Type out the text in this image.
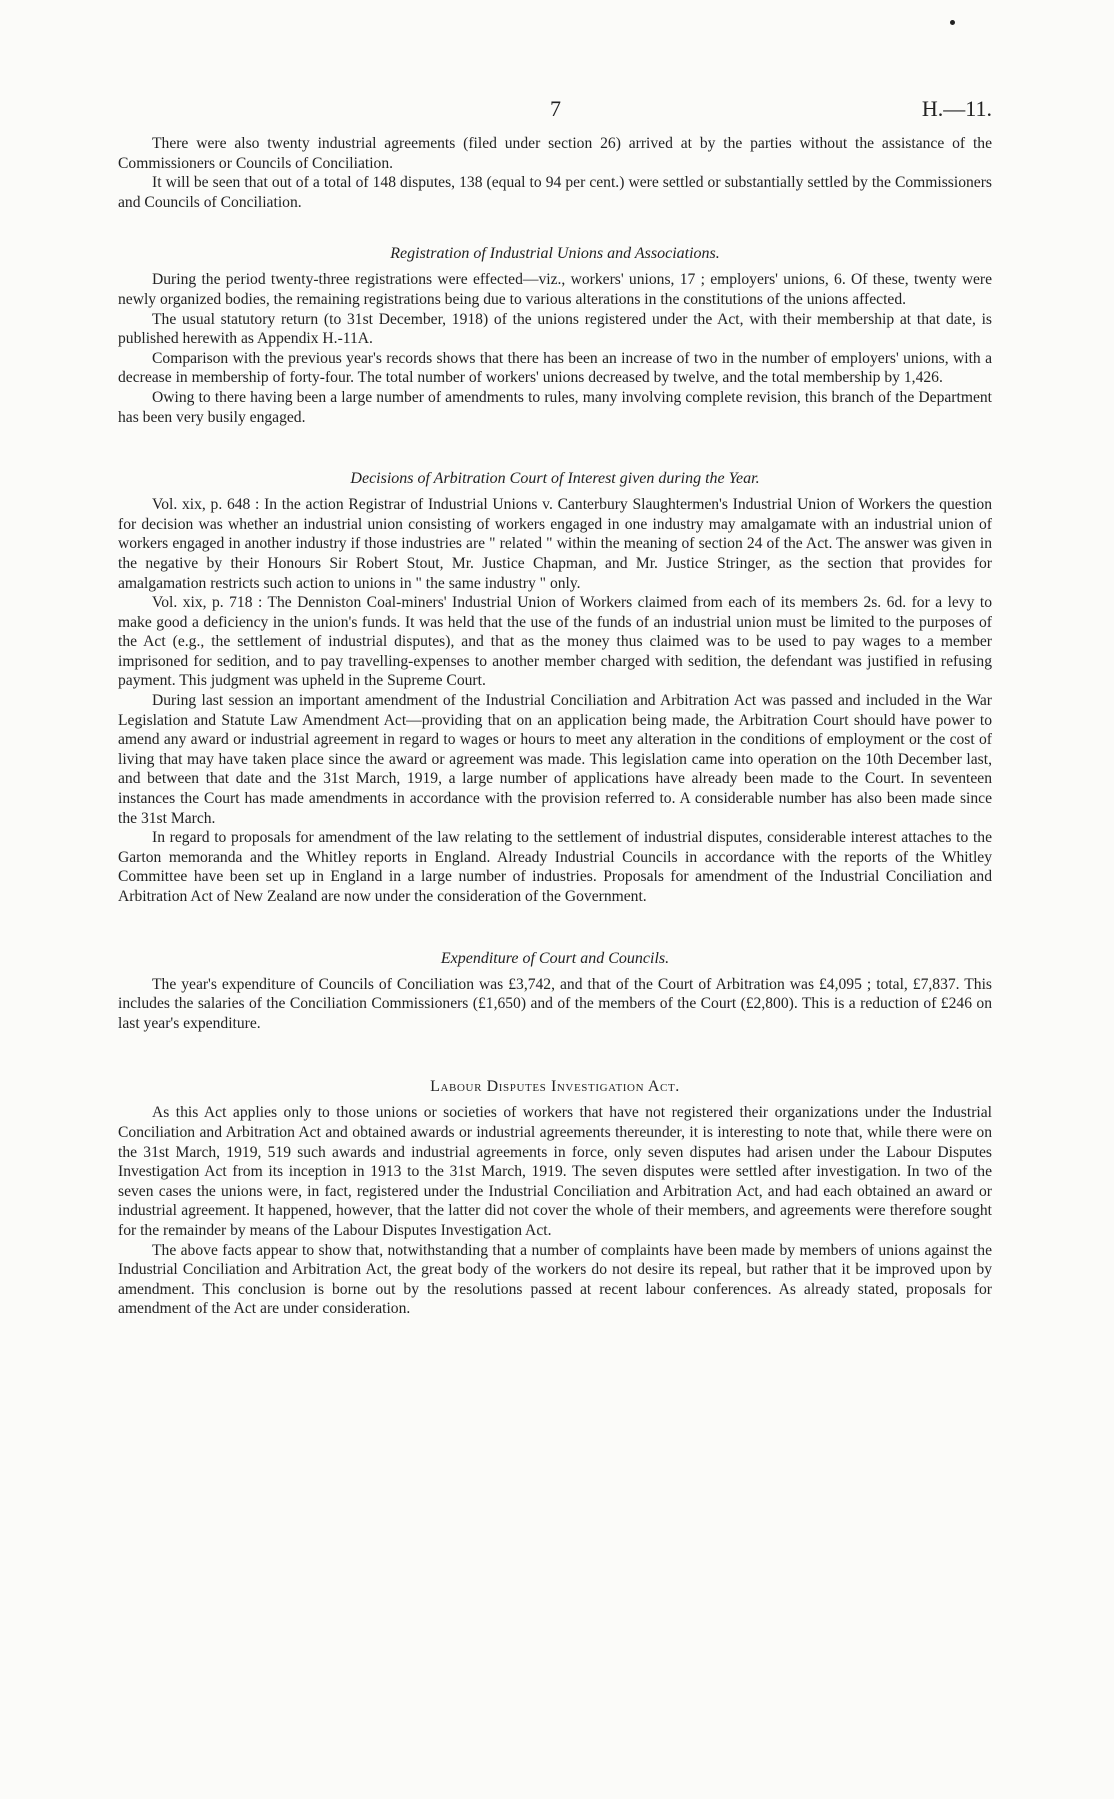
7	H.—11.

There were also twenty industrial agreements (filed under section 26) arrived at by the parties without the assistance of the Commissioners or Councils of Conciliation.

It will be seen that out of a total of 148 disputes, 138 (equal to 94 per cent.) were settled or substantially settled by the Commissioners and Councils of Conciliation.

Registration of Industrial Unions and Associations.

During the period twenty-three registrations were effected—viz., workers' unions, 17 ; employers' unions, 6. Of these, twenty were newly organized bodies, the remaining registrations being due to various alterations in the constitutions of the unions affected.

The usual statutory return (to 31st December, 1918) of the unions registered under the Act, with their membership at that date, is published herewith as Appendix H.-11A.

Comparison with the previous year's records shows that there has been an increase of two in the number of employers' unions, with a decrease in membership of forty-four. The total number of workers' unions decreased by twelve, and the total membership by 1,426.

Owing to there having been a large number of amendments to rules, many involving complete revision, this branch of the Department has been very busily engaged.

Decisions of Arbitration Court of Interest given during the Year.

Vol. xix, p. 648 : In the action Registrar of Industrial Unions v. Canterbury Slaughtermen's Industrial Union of Workers the question for decision was whether an industrial union consisting of workers engaged in one industry may amalgamate with an industrial union of workers engaged in another industry if those industries are " related " within the meaning of section 24 of the Act. The answer was given in the negative by their Honours Sir Robert Stout, Mr. Justice Chapman, and Mr. Justice Stringer, as the section that provides for amalgamation restricts such action to unions in " the same industry " only.

Vol. xix, p. 718 : The Denniston Coal-miners' Industrial Union of Workers claimed from each of its members 2s. 6d. for a levy to make good a deficiency in the union's funds. It was held that the use of the funds of an industrial union must be limited to the purposes of the Act (e.g., the settlement of industrial disputes), and that as the money thus claimed was to be used to pay wages to a member imprisoned for sedition, and to pay travelling-expenses to another member charged with sedition, the defendant was justified in refusing payment. This judgment was upheld in the Supreme Court.

During last session an important amendment of the Industrial Conciliation and Arbitration Act was passed and included in the War Legislation and Statute Law Amendment Act—providing that on an application being made, the Arbitration Court should have power to amend any award or industrial agreement in regard to wages or hours to meet any alteration in the conditions of employment or the cost of living that may have taken place since the award or agreement was made. This legislation came into operation on the 10th December last, and between that date and the 31st March, 1919, a large number of applications have already been made to the Court. In seventeen instances the Court has made amendments in accordance with the provision referred to. A considerable number has also been made since the 31st March.

In regard to proposals for amendment of the law relating to the settlement of industrial disputes, considerable interest attaches to the Garton memoranda and the Whitley reports in England. Already Industrial Councils in accordance with the reports of the Whitley Committee have been set up in England in a large number of industries. Proposals for amendment of the Industrial Conciliation and Arbitration Act of New Zealand are now under the consideration of the Government.

Expenditure of Court and Councils.

The year's expenditure of Councils of Conciliation was £3,742, and that of the Court of Arbitration was £4,095 ; total, £7,837. This includes the salaries of the Conciliation Commissioners (£1,650) and of the members of the Court (£2,800). This is a reduction of £246 on last year's expenditure.

Labour Disputes Investigation Act.

As this Act applies only to those unions or societies of workers that have not registered their organizations under the Industrial Conciliation and Arbitration Act and obtained awards or industrial agreements thereunder, it is interesting to note that, while there were on the 31st March, 1919, 519 such awards and industrial agreements in force, only seven disputes had arisen under the Labour Disputes Investigation Act from its inception in 1913 to the 31st March, 1919. The seven disputes were settled after investigation. In two of the seven cases the unions were, in fact, registered under the Industrial Conciliation and Arbitration Act, and had each obtained an award or industrial agreement. It happened, however, that the latter did not cover the whole of their members, and agreements were therefore sought for the remainder by means of the Labour Disputes Investigation Act.

The above facts appear to show that, notwithstanding that a number of complaints have been made by members of unions against the Industrial Conciliation and Arbitration Act, the great body of the workers do not desire its repeal, but rather that it be improved upon by amendment. This conclusion is borne out by the resolutions passed at recent labour conferences. As already stated, proposals for amendment of the Act are under consideration.
